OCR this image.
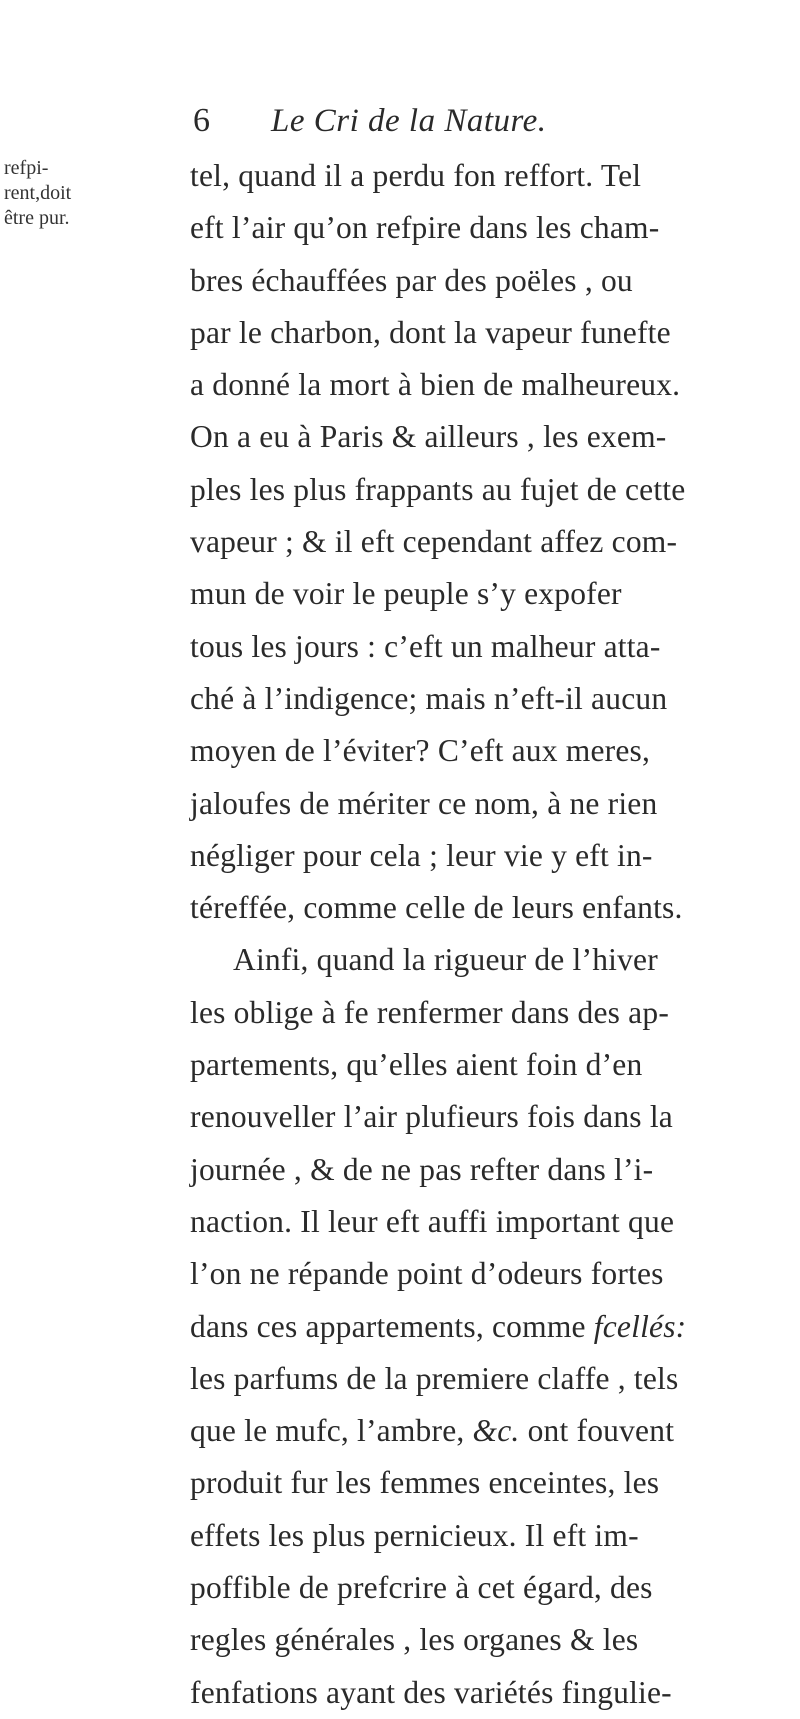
6 Le Cri de la Nature.
refpi-
rent,doit
être pur.
tel, quand il a perdu fon reffort. Tel
eft l’air qu’on refpire dans les cham-
bres échauffées par des poëles , ou
par le charbon, dont la vapeur funefte
a donné la mort à bien de malheureux.
On a eu à Paris & ailleurs , les exem-
ples les plus frappants au fujet de cette
vapeur ; & il eft cependant affez com-
mun de voir le peuple s’y expofer
tous les jours : c’eft un malheur atta-
ché à l’indigence; mais n’eft-il aucun
moyen de l’éviter? C’eft aux meres,
jaloufes de mériter ce nom, à ne rien
négliger pour cela ; leur vie y eft in-
téreffée, comme celle de leurs enfants.
Ainfi, quand la rigueur de l’hiver
les oblige à fe renfermer dans des ap-
partements, qu’elles aient foin d’en
renouveller l’air plufieurs fois dans la
journée , & de ne pas refter dans l’i-
naction. Il leur eft auffi important que
l’on ne répande point d’odeurs fortes
dans ces appartements, comme fcellés:
les parfums de la premiere claffe , tels
que le mufc, l’ambre, &c. ont fouvent
produit fur les femmes enceintes, les
effets les plus pernicieux. Il eft im-
poffible de prefcrire à cet égard, des
regles générales , les organes & les
fenfations ayant des variétés fingulie-
